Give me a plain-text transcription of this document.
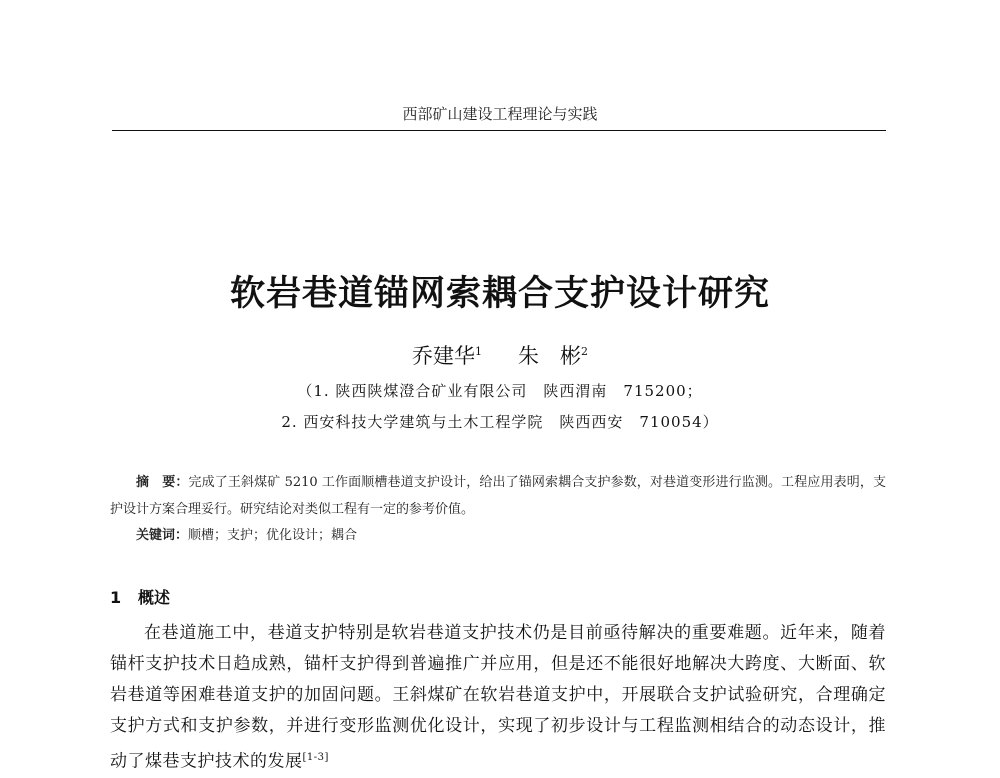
西部矿山建设工程理论与实践
软岩巷道锚网索耦合支护设计研究
乔建华$^1$ 朱　彬$^2$
（1. 陕西陕煤澄合矿业有限公司　陕西渭南　715200；
2. 西安科技大学建筑与土木工程学院　陕西西安　710054）
摘　要：完成了王斜煤矿 5210 工作面顺槽巷道支护设计，给出了锚网索耦合支护参数，对巷道变形进行监测。工程应用表明，支护设计方案合理妥行。研究结论对类似工程有一定的参考价值。
关键词：顺槽；支护；优化设计；耦合
1 概述
在巷道施工中，巷道支护特别是软岩巷道支护技术仍是目前亟待解决的重要难题。近年来，随着锚杆支护技术日趋成熟，锚杆支护得到普遍推广并应用，但是还不能很好地解决大跨度、大断面、软岩巷道等困难巷道支护的加固问题。王斜煤矿在软岩巷道支护中，开展联合支护试验研究，合理确定支护方式和支护参数，并进行变形监测优化设计，实现了初步设计与工程监测相结合的动态设计，推动了煤巷支护技术的发展[1-3]
